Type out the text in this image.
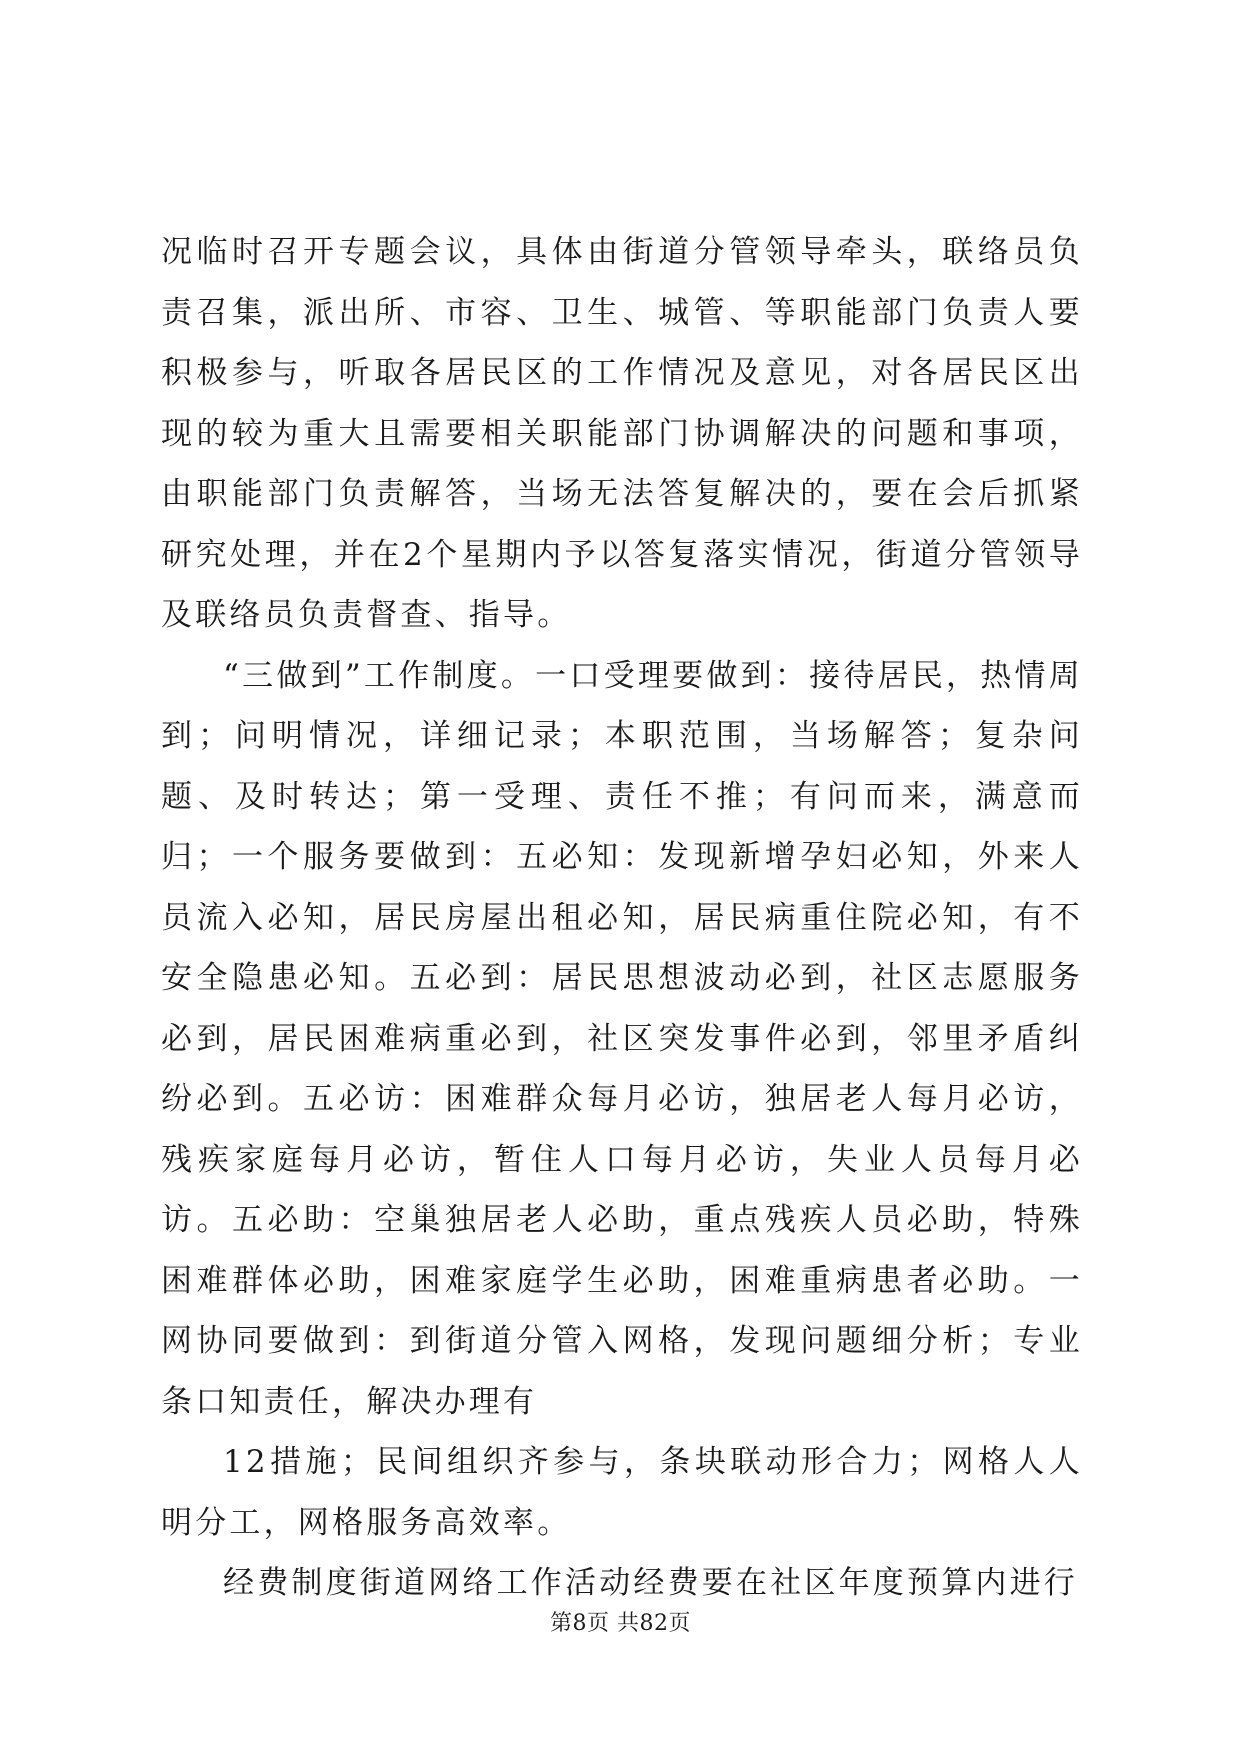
况临时召开专题会议，具体由街道分管领导牵头，联络员负责召集，派出所、市容、卫生、城管、等职能部门负责人要积极参与，听取各居民区的工作情况及意见，对各居民区出现的较为重大且需要相关职能部门协调解决的问题和事项，由职能部门负责解答，当场无法答复解决的，要在会后抓紧研究处理，并在2个星期内予以答复落实情况，街道分管领导及联络员负责督查、指导。

“三做到”工作制度。一口受理要做到：接待居民，热情周到；问明情况，详细记录；本职范围，当场解答；复杂问题、及时转达；第一受理、责任不推；有问而来，满意而归；一个服务要做到：五必知：发现新增孕妇必知，外来人员流入必知，居民房屋出租必知，居民病重住院必知，有不安全隐患必知。五必到：居民思想波动必到，社区志愿服务必到，居民困难病重必到，社区突发事件必到，邻里矛盾纠纷必到。五必访：困难群众每月必访，独居老人每月必访，残疾家庭每月必访，暂住人口每月必访，失业人员每月必访。五必助：空巢独居老人必助，重点残疾人员必助，特殊困难群体必助，困难家庭学生必助，困难重病患者必助。一网协同要做到：到街道分管入网格，发现问题细分析；专业条口知责任，解决办理有

12措施；民间组织齐参与，条块联动形合力；网格人人明分工，网格服务高效率。

经费制度街道网络工作活动经费要在社区年度预算内进行

第8页 共82页
